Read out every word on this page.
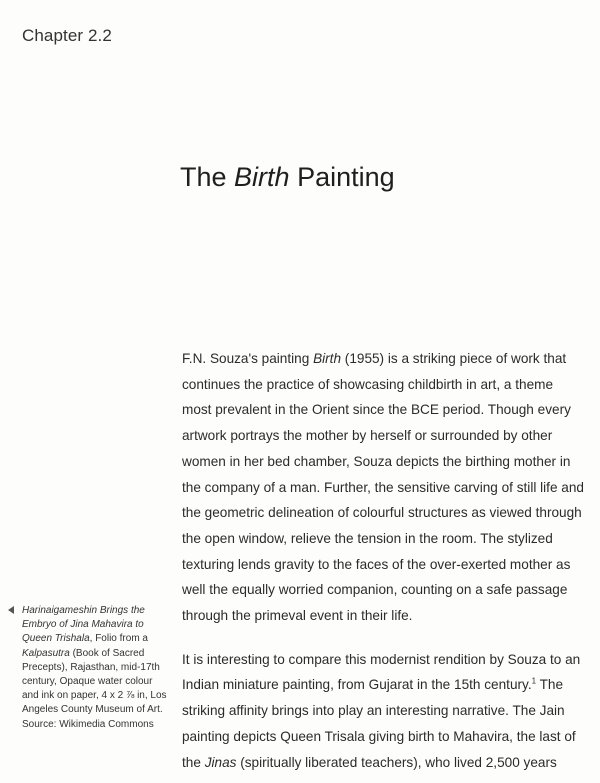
Chapter 2.2
The Birth Painting

F.N. Souza's painting Birth (1955) is a striking piece of work that continues the practice of showcasing childbirth in art, a theme most prevalent in the Orient since the BCE period. Though every artwork portrays the mother by herself or surrounded by other women in her bed chamber, Souza depicts the birthing mother in the company of a man. Further, the sensitive carving of still life and the geometric delineation of colourful structures as viewed through the open window, relieve the tension in the room. The stylized texturing lends gravity to the faces of the over-exerted mother as well the equally worried companion, counting on a safe passage through the primeval event in their life.

It is interesting to compare this modernist rendition by Souza to an Indian miniature painting, from Gujarat in the 15th century.$^1$ The striking affinity brings into play an interesting narrative. The Jain painting depicts Queen Trisala giving birth to Mahavira, the last of the Jinas (spiritually liberated teachers), who lived 2,500 years

Harinaigameshin Brings the Embryo of Jina Mahavira to Queen Trishala, Folio from a Kalpasutra (Book of Sacred Precepts), Rajasthan, mid-17th century, Opaque water colour and ink on paper, 4 x 2 ⅞ in, Los Angeles County Museum of Art.
Source: Wikimedia Commons
